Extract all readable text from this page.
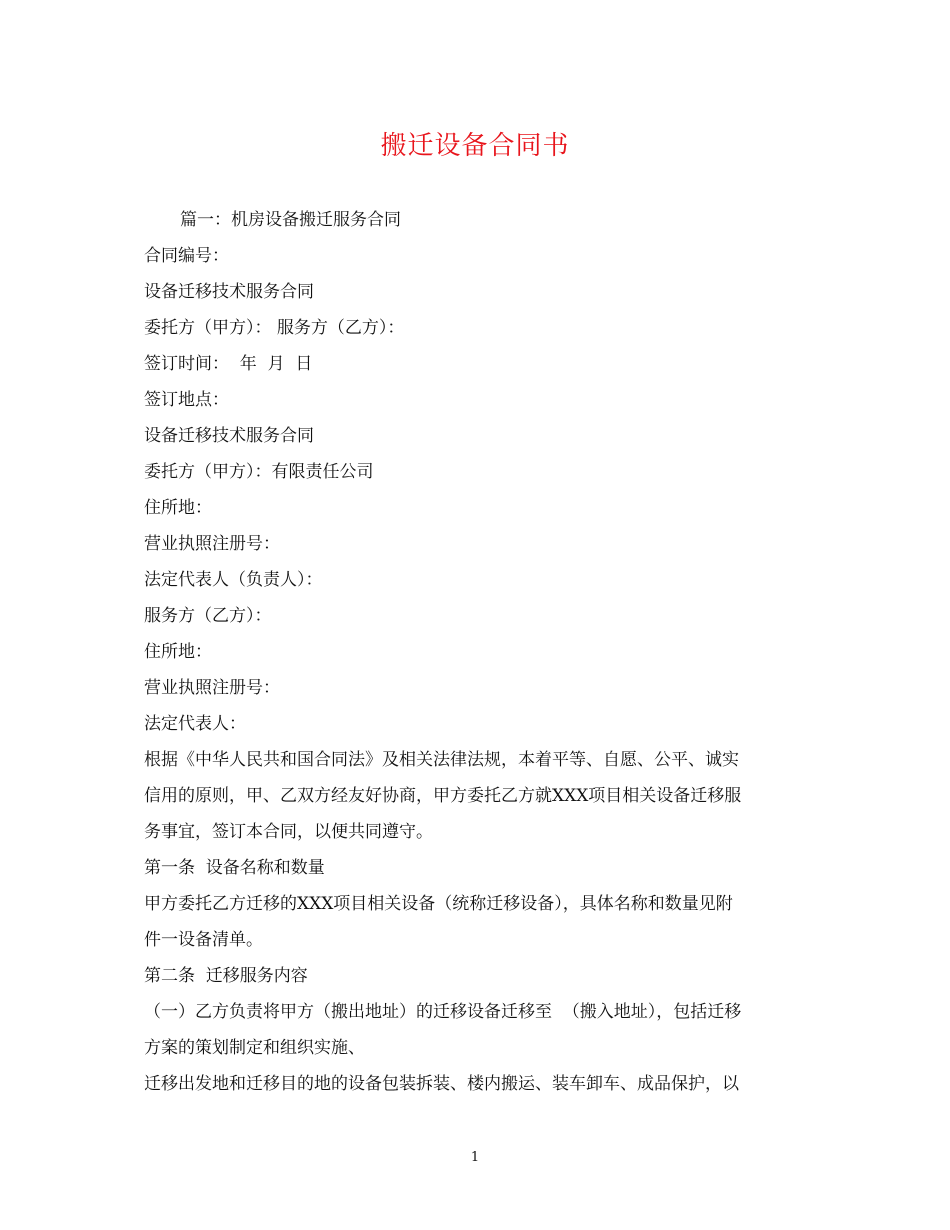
搬迁设备合同书
篇一：机房设备搬迁服务合同
合同编号：
设备迁移技术服务合同
委托方（甲方）： 服务方（乙方）：
签订时间：  年  月  日
签订地点：
设备迁移技术服务合同
委托方（甲方）：有限责任公司
住所地：
营业执照注册号：
法定代表人（负责人）：
服务方（乙方）：
住所地：
营业执照注册号：
法定代表人：
根据《中华人民共和国合同法》及相关法律法规，本着平等、自愿、公平、诚实
信用的原则，甲、乙双方经友好协商，甲方委托乙方就XXX项目相关设备迁移服
务事宜，签订本合同，以便共同遵守。
第一条  设备名称和数量
甲方委托乙方迁移的XXX项目相关设备（统称迁移设备），具体名称和数量见附
件一设备清单。
第二条  迁移服务内容
（一）乙方负责将甲方（搬出地址）的迁移设备迁移至  （搬入地址），包括迁移
方案的策划制定和组织实施、
迁移出发地和迁移目的地的设备包装拆装、楼内搬运、装车卸车、成品保护，以
1
